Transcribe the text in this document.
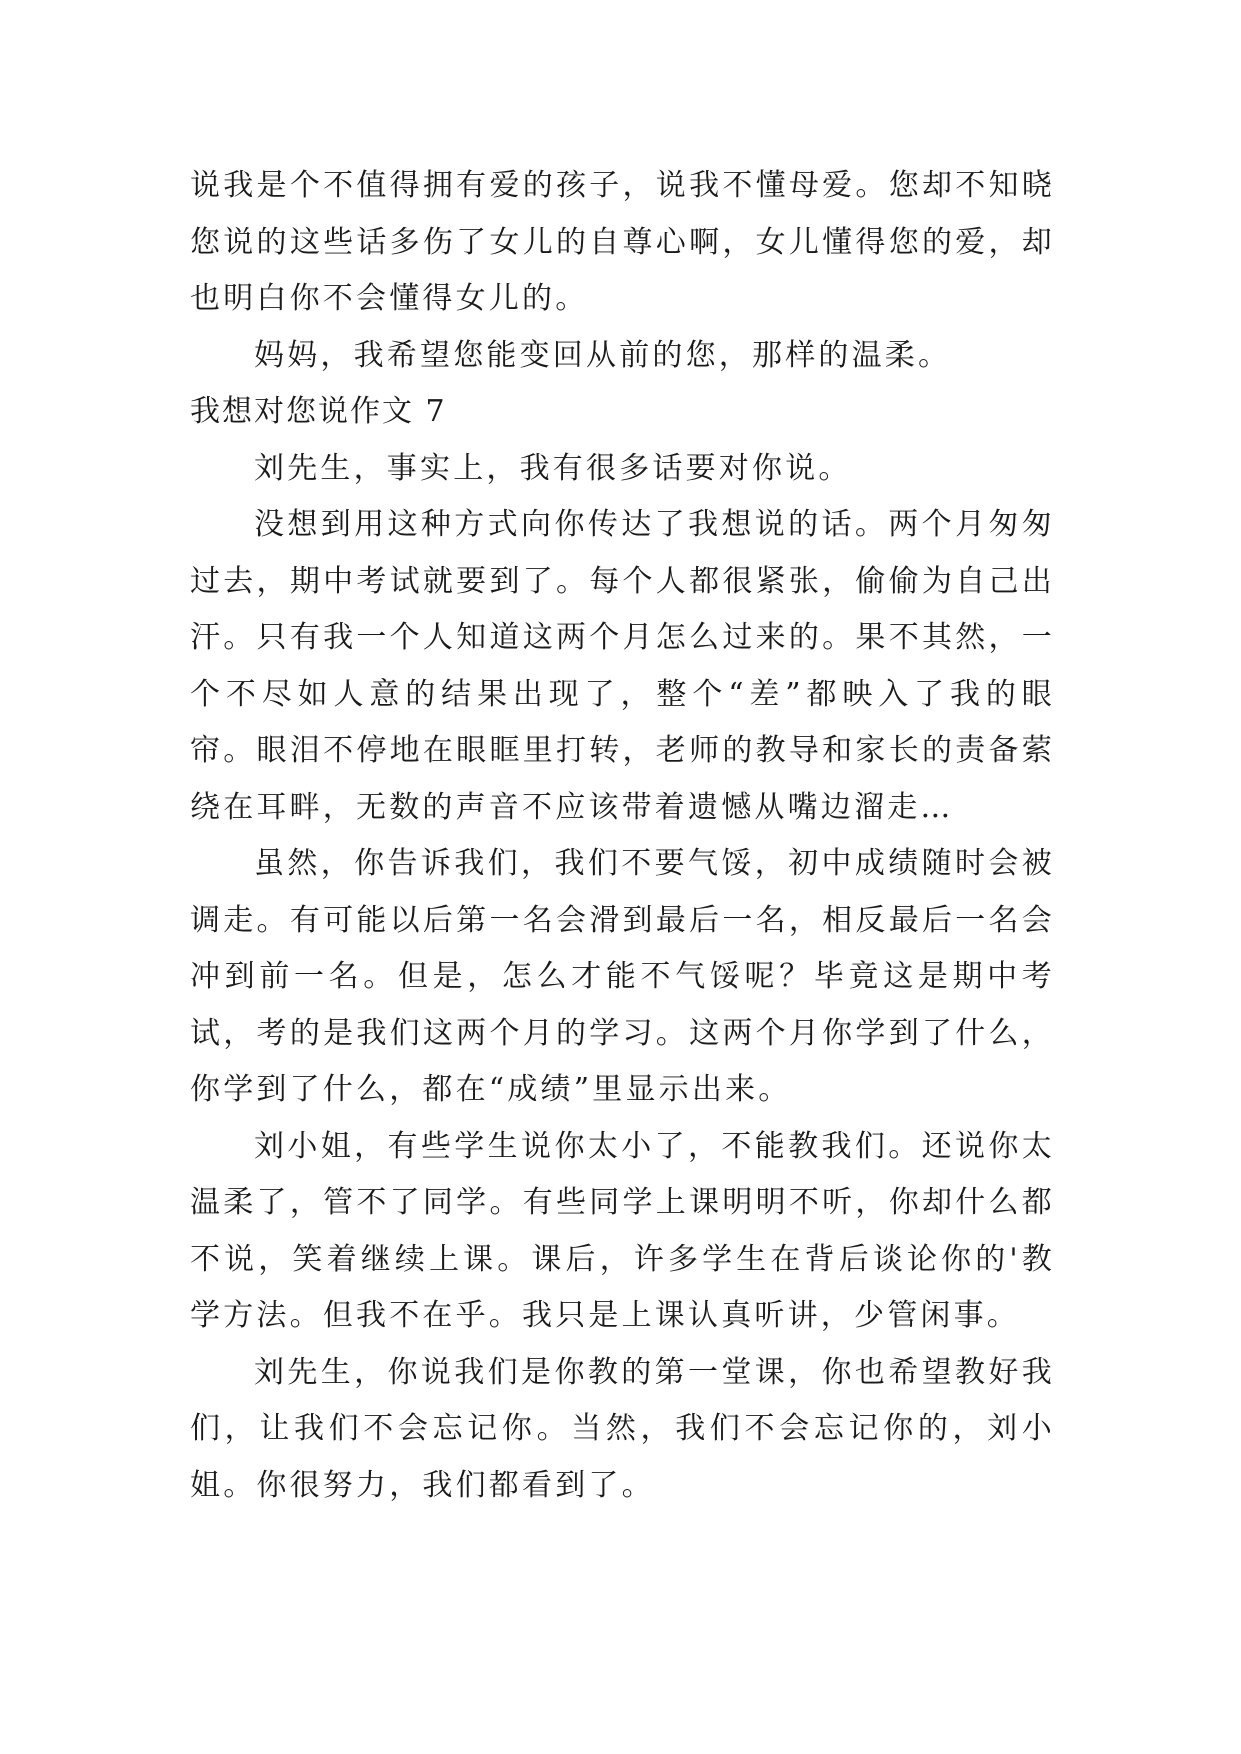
说我是个不值得拥有爱的孩子，说我不懂母爱。您却不知晓您说的这些话多伤了女儿的自尊心啊，女儿懂得您的爱，却也明白你不会懂得女儿的。

妈妈，我希望您能变回从前的您，那样的温柔。

我想对您说作文 7

刘先生，事实上，我有很多话要对你说。

没想到用这种方式向你传达了我想说的话。两个月匆匆过去，期中考试就要到了。每个人都很紧张，偷偷为自己出汗。只有我一个人知道这两个月怎么过来的。果不其然，一个不尽如人意的结果出现了，整个“差”都映入了我的眼帘。眼泪不停地在眼眶里打转，老师的教导和家长的责备萦绕在耳畔，无数的声音不应该带着遗憾从嘴边溜走…

虽然，你告诉我们，我们不要气馁，初中成绩随时会被调走。有可能以后第一名会滑到最后一名，相反最后一名会冲到前一名。但是，怎么才能不气馁呢？毕竟这是期中考试，考的是我们这两个月的学习。这两个月你学到了什么，你学到了什么，都在“成绩”里显示出来。

刘小姐，有些学生说你太小了，不能教我们。还说你太温柔了，管不了同学。有些同学上课明明不听，你却什么都不说，笑着继续上课。课后，许多学生在背后谈论你的'教学方法。但我不在乎。我只是上课认真听讲，少管闲事。

刘先生，你说我们是你教的第一堂课，你也希望教好我们，让我们不会忘记你。当然，我们不会忘记你的，刘小姐。你很努力，我们都看到了。
